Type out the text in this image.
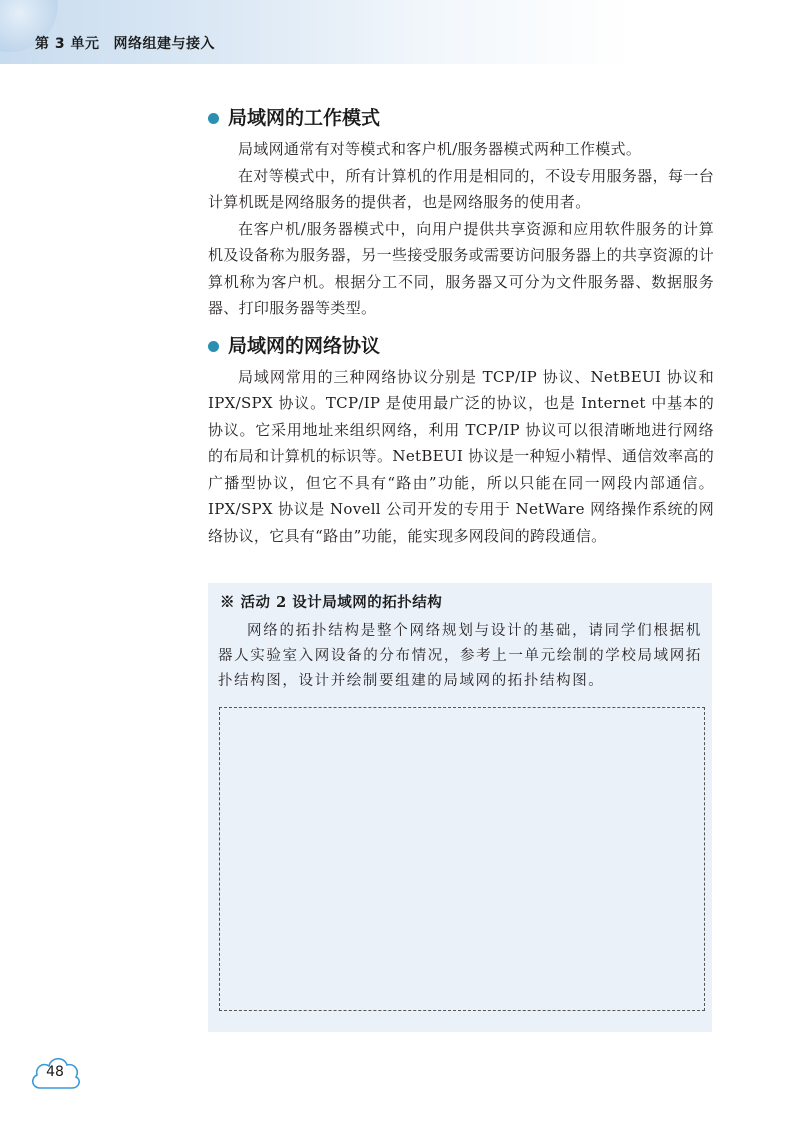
第 3 单元 网络组建与接入
局域网的工作模式

局域网通常有对等模式和客户机/服务器模式两种工作模式。

在对等模式中，所有计算机的作用是相同的，不设专用服务器，每一台计算机既是网络服务的提供者，也是网络服务的使用者。

在客户机/服务器模式中，向用户提供共享资源和应用软件服务的计算机及设备称为服务器，另一些接受服务或需要访问服务器上的共享资源的计算机称为客户机。根据分工不同，服务器又可分为文件服务器、数据服务器、打印服务器等类型。

局域网的网络协议

局域网常用的三种网络协议分别是 TCP/IP 协议、NetBEUI 协议和 IPX/SPX 协议。TCP/IP 是使用最广泛的协议，也是 Internet 中基本的协议。它采用地址来组织网络，利用 TCP/IP 协议可以很清晰地进行网络的布局和计算机的标识等。NetBEUI 协议是一种短小精悍、通信效率高的广播型协议，但它不具有“路由”功能，所以只能在同一网段内部通信。IPX/SPX 协议是 Novell 公司开发的专用于 NetWare 网络操作系统的网络协议，它具有“路由”功能，能实现多网段间的跨段通信。

※ 活动 2 设计局域网的拓扑结构

网络的拓扑结构是整个网络规划与设计的基础，请同学们根据机器人实验室入网设备的分布情况，参考上一单元绘制的学校局域网拓扑结构图，设计并绘制要组建的局域网的拓扑结构图。

48
